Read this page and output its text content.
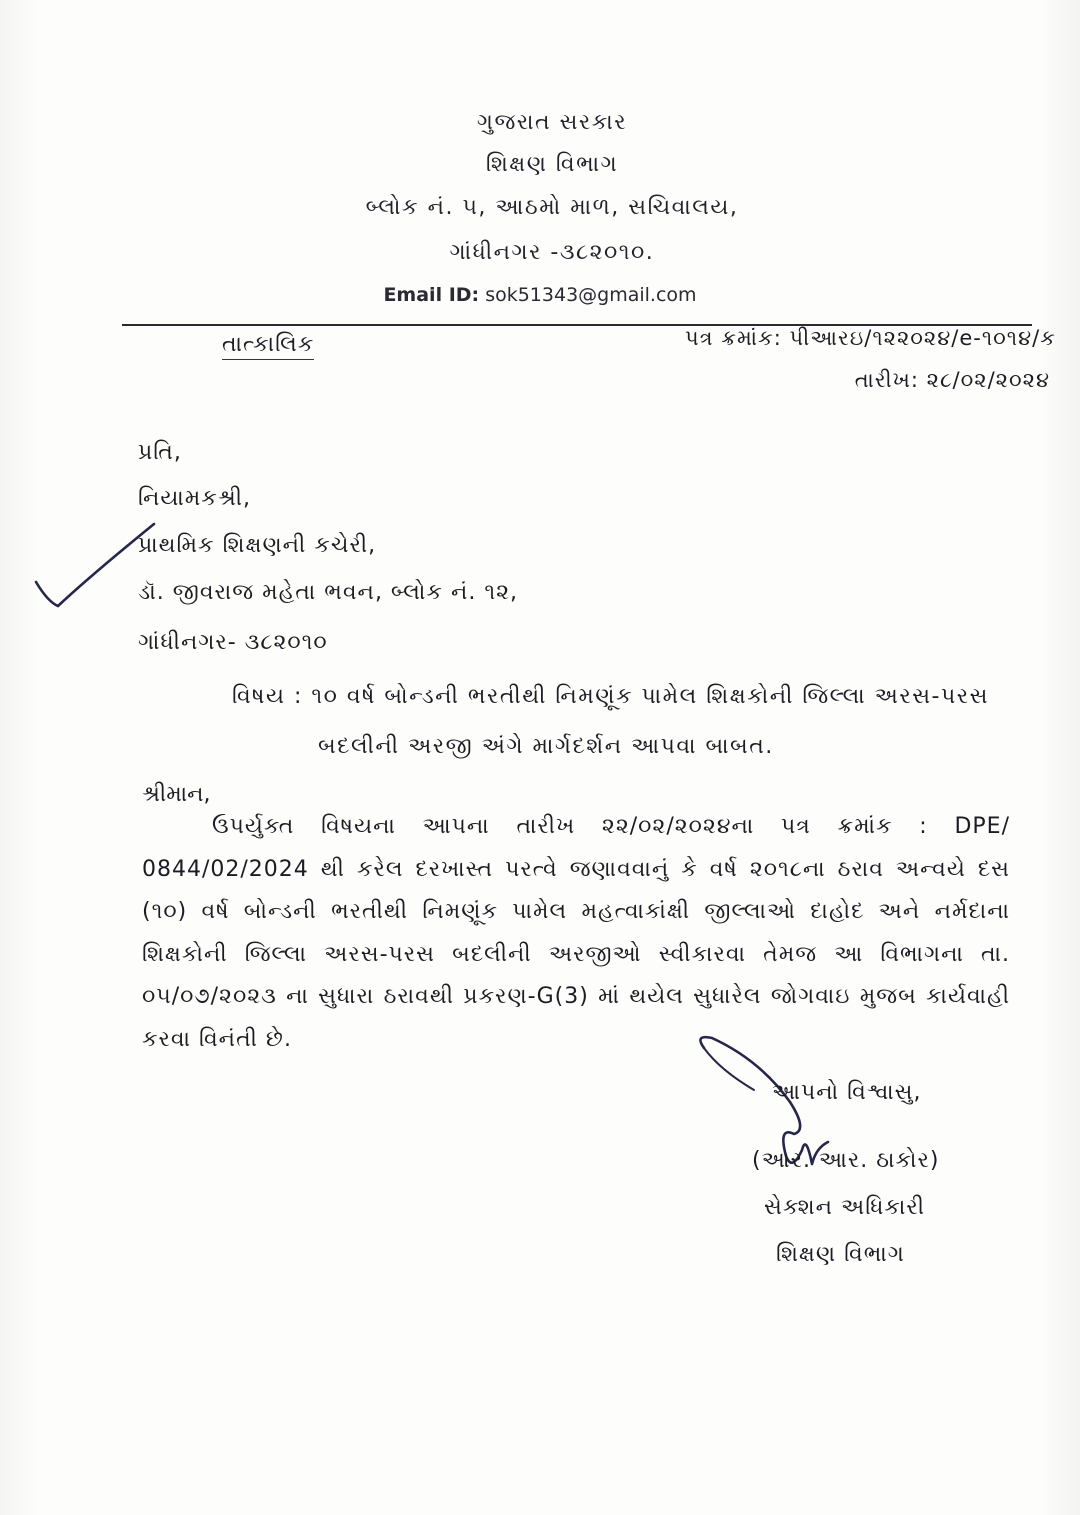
ગુજરાત સરકાર
શિક્ષણ વિભાગ
બ્લોક નં. ૫, આઠમો માળ, સચિવાલય,
ગાંધીનગર -૩૮૨૦૧૦.
Email ID: sok51343@gmail.com
તાત્કાલિક	પત્ર ક્રમાંક: પીઆરઇ/૧૨૨૦૨૪/e-૧૦૧૪/ક
તારીખ: ૨૮/૦૨/૨૦૨૪
પ્રતિ,
નિયામકશ્રી,
પ્રાથમિક શિક્ષણની કચેરી,
ડૉ. જીવરાજ મહેતા ભવન, બ્લોક નં. ૧૨,
ગાંધીનગર- ૩૮૨૦૧૦
વિષય : ૧૦ વર્ષ બોન્ડની ભરતીથી નિમણૂંક પામેલ શિક્ષકોની જિલ્લા અરસ-પરસ
બદલીની અરજી અંગે માર્ગદર્શન આપવા બાબત.
શ્રીમાન,
ઉપર્યુક્ત વિષયના આપના તારીખ ૨૨/૦૨/૨૦૨૪ના પત્ર ક્રમાંક : DPE/ 0844/02/2024 થી કરેલ દરખાસ્ત પરત્વે જણાવવાનું કે વર્ષ ૨૦૧૮ના ઠરાવ અન્વયે દસ (૧૦) વર્ષ બોન્ડની ભરતીથી નિમણૂંક પામેલ મહત્વાકાંક્ષી જીલ્લાઓ દાહોદ અને નર્મદાના શિક્ષકોની જિલ્લા અરસ-પરસ બદલીની અરજીઓ સ્વીકારવા તેમજ આ વિભાગના તા. ૦૫/૦૭/૨૦૨૩ ના સુધારા ઠરાવથી પ્રકરણ-G(3) માં થયેલ સુધારેલ જોગવાઇ મુજબ કાર્યવાહી કરવા વિનંતી છે.
આપનો વિશ્વાસુ,
(આર. આર. ઠાકોર)
સેક્શન અધિકારી
શિક્ષણ વિભાગ
